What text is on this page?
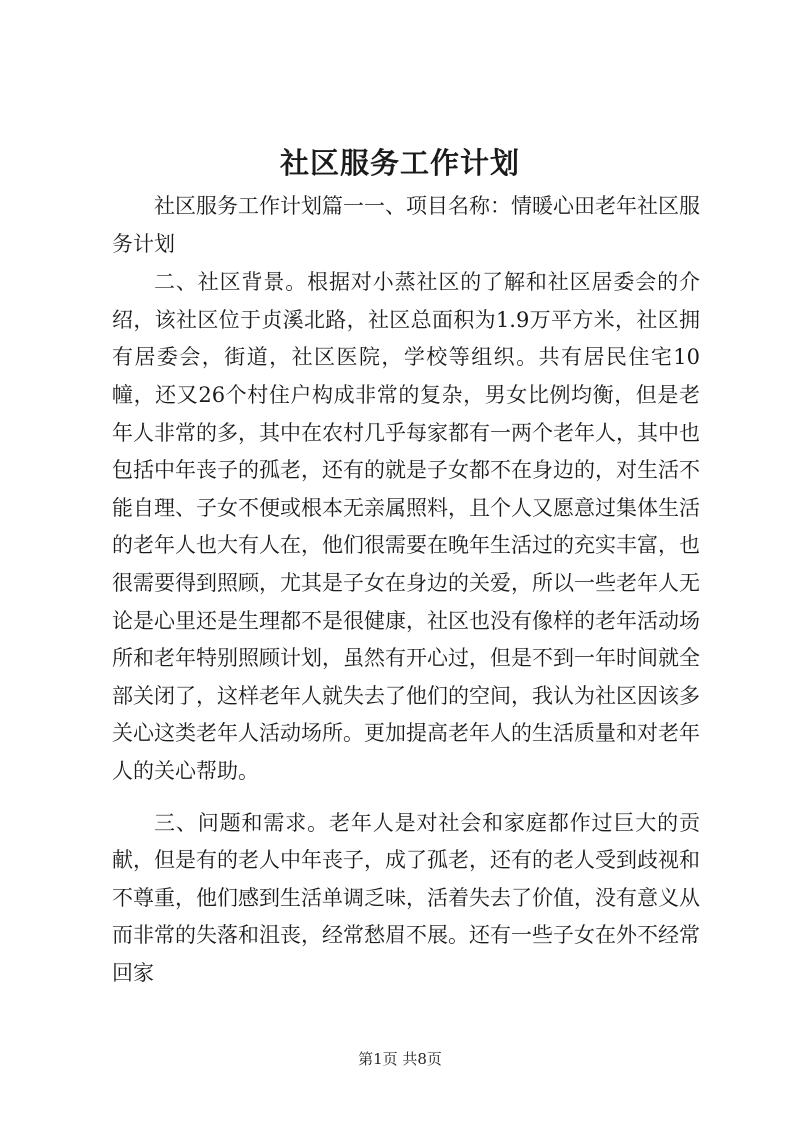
社区服务工作计划

社区服务工作计划篇一一、项目名称：情暖心田老年社区服务计划

二、社区背景。根据对小蒸社区的了解和社区居委会的介绍，该社区位于贞溪北路，社区总面积为1.9万平方米，社区拥有居委会，街道，社区医院，学校等组织。共有居民住宅10幢，还又26个村住户构成非常的复杂，男女比例均衡，但是老年人非常的多，其中在农村几乎每家都有一两个老年人，其中也包括中年丧子的孤老，还有的就是子女都不在身边的，对生活不能自理、子女不便或根本无亲属照料，且个人又愿意过集体生活的老年人也大有人在，他们很需要在晚年生活过的充实丰富，也很需要得到照顾，尤其是子女在身边的关爱，所以一些老年人无论是心里还是生理都不是很健康，社区也没有像样的老年活动场所和老年特别照顾计划，虽然有开心过，但是不到一年时间就全部关闭了，这样老年人就失去了他们的空间，我认为社区因该多关心这类老年人活动场所。更加提高老年人的生活质量和对老年人的关心帮助。

三、问题和需求。老年人是对社会和家庭都作过巨大的贡献，但是有的老人中年丧子，成了孤老，还有的老人受到歧视和不尊重，他们感到生活单调乏味，活着失去了价值，没有意义从而非常的失落和沮丧，经常愁眉不展。还有一些子女在外不经常回家

第1页 共8页
